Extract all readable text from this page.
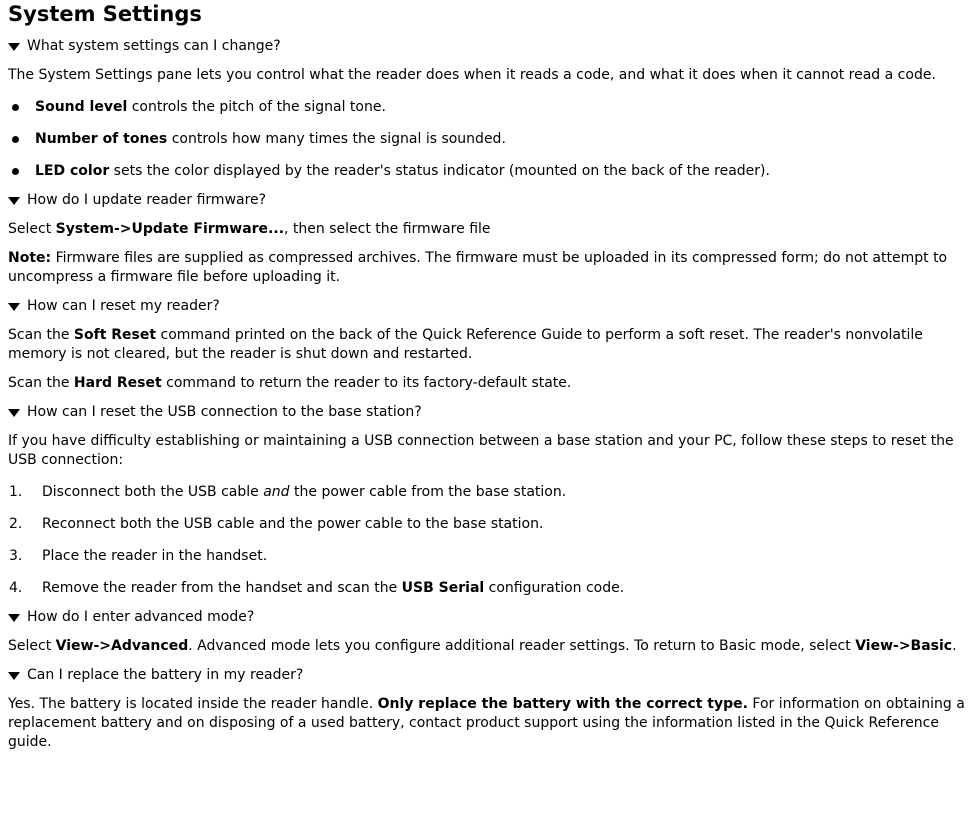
System Settings
What system settings can I change?

The System Settings pane lets you control what the reader does when it reads a code, and what it does when it cannot read a code.

Sound level controls the pitch of the signal tone.
Number of tones controls how many times the signal is sounded.
LED color sets the color displayed by the reader's status indicator (mounted on the back of the reader).
How do I update reader firmware?

Select System->Update Firmware..., then select the firmware file

Note: Firmware files are supplied as compressed archives. The firmware must be uploaded in its compressed form; do not attempt to uncompress a firmware file before uploading it.

How can I reset my reader?

Scan the Soft Reset command printed on the back of the Quick Reference Guide to perform a soft reset. The reader's nonvolatile memory is not cleared, but the reader is shut down and restarted.

Scan the Hard Reset command to return the reader to its factory-default state.

How can I reset the USB connection to the base station?

If you have difficulty establishing or maintaining a USB connection between a base station and your PC, follow these steps to reset the USB connection:

1. Disconnect both the USB cable and the power cable from the base station.
2. Reconnect both the USB cable and the power cable to the base station.
3. Place the reader in the handset.
4. Remove the reader from the handset and scan the USB Serial configuration code.
How do I enter advanced mode?

Select View->Advanced. Advanced mode lets you configure additional reader settings. To return to Basic mode, select View->Basic.

Can I replace the battery in my reader?

Yes. The battery is located inside the reader handle. Only replace the battery with the correct type. For information on obtaining a replacement battery and on disposing of a used battery, contact product support using the information listed in the Quick Reference guide.
